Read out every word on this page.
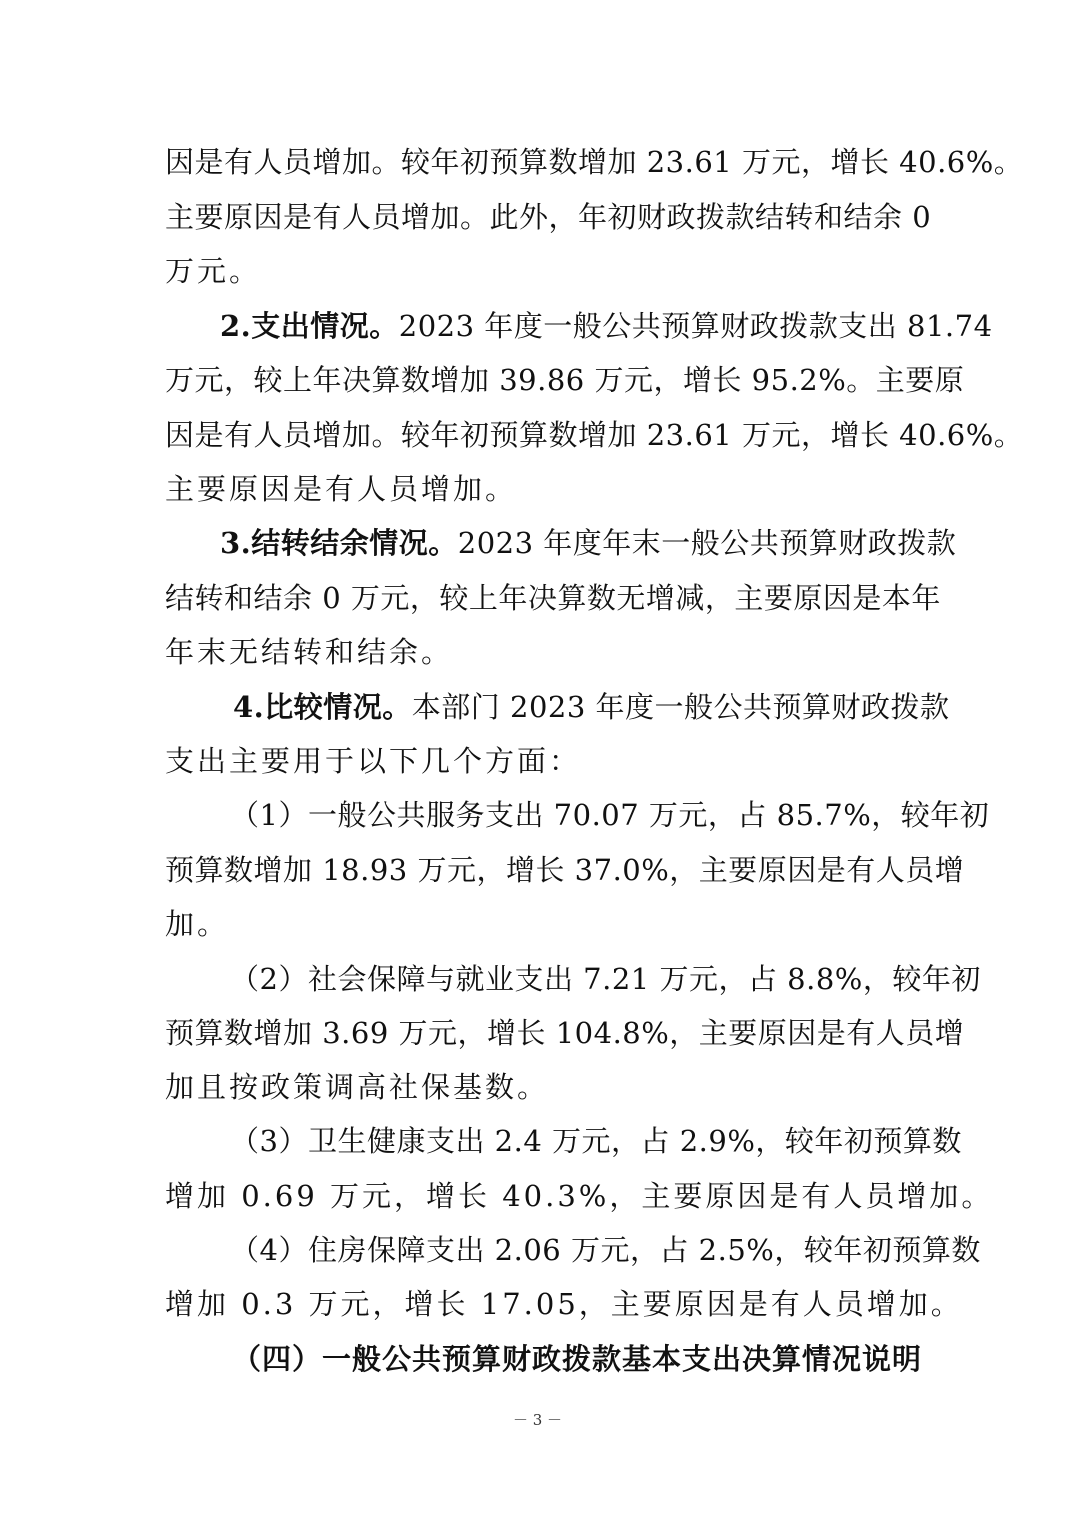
因是有人员增加。较年初预算数增加 23.61 万元，增长 40.6%。
主要原因是有人员增加。此外，年初财政拨款结转和结余 0
万元。
2.支出情况。2023 年度一般公共预算财政拨款支出 81.74
万元，较上年决算数增加 39.86 万元，增长 95.2%。主要原
因是有人员增加。较年初预算数增加 23.61 万元，增长 40.6%。
主要原因是有人员增加。
3.结转结余情况。2023 年度年末一般公共预算财政拨款
结转和结余 0 万元，较上年决算数无增减，主要原因是本年
年末无结转和结余。
4.比较情况。本部门 2023 年度一般公共预算财政拨款
支出主要用于以下几个方面：
（1）一般公共服务支出 70.07 万元，占 85.7%，较年初
预算数增加 18.93 万元，增长 37.0%，主要原因是有人员增
加。
（2）社会保障与就业支出 7.21 万元，占 8.8%，较年初
预算数增加 3.69 万元，增长 104.8%，主要原因是有人员增
加且按政策调高社保基数。
（3）卫生健康支出 2.4 万元，占 2.9%，较年初预算数
增加 0.69 万元，增长 40.3%，主要原因是有人员增加。
（4）住房保障支出 2.06 万元，占 2.5%，较年初预算数
增加 0.3 万元，增长 17.05，主要原因是有人员增加。
（四）一般公共预算财政拨款基本支出决算情况说明
－ 3 －
